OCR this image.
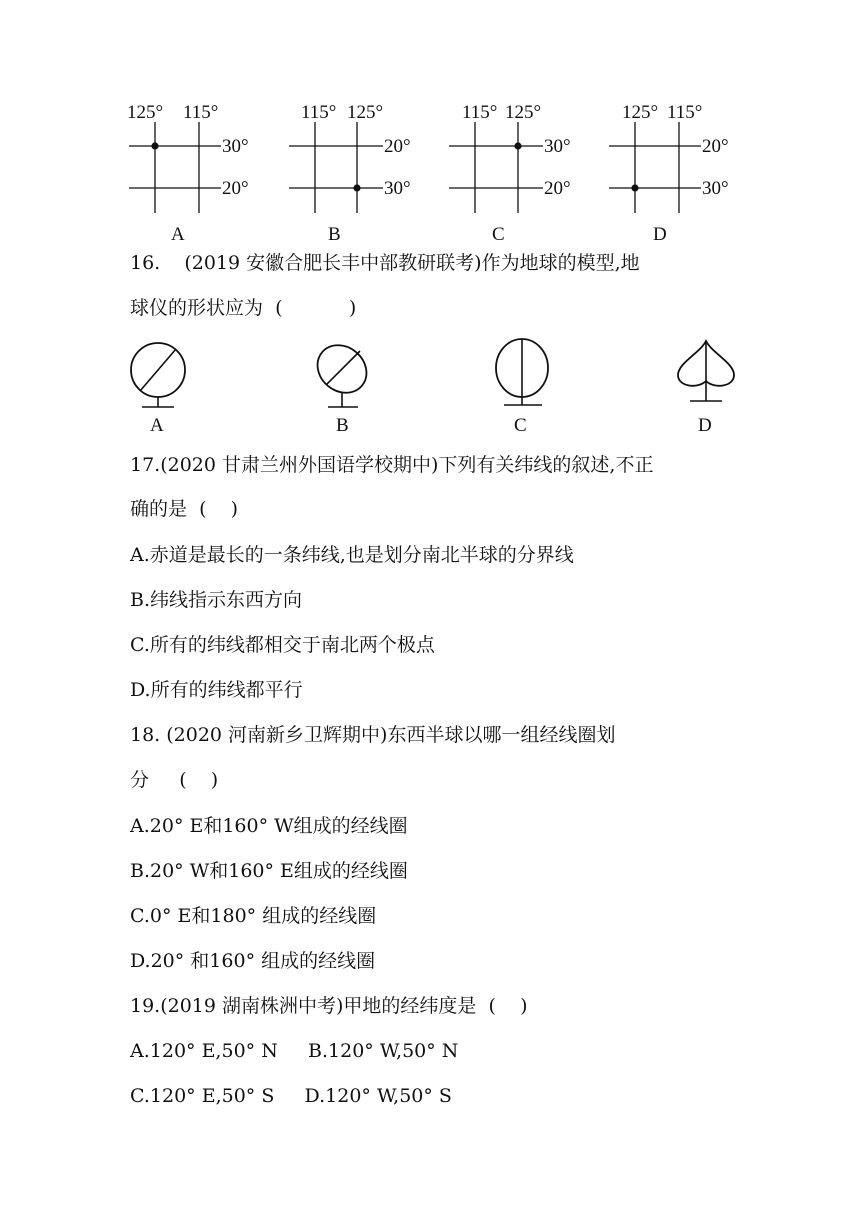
125° 115°
30°
20°
A
115° 125°
20°
30°
B
115° 125°
30°
20°
C
125° 115°
20°
30°
D
16.    (2019 安徽合肥长丰中部教研联考)作为地球的模型,地
球仪的形状应为  (           )
A	B	C	D
17.(2020 甘肃兰州外国语学校期中)下列有关纬线的叙述,不正
确的是  (    )
A.赤道是最长的一条纬线,也是划分南北半球的分界线
B.纬线指示东西方向
C.所有的纬线都相交于南北两个极点
D.所有的纬线都平行
18. (2020 河南新乡卫辉期中)东西半球以哪一组经线圈划
分     (    )
A.20° E和160° W组成的经线圈
B.20° W和160° E组成的经线圈
C.0° E和180° 组成的经线圈
D.20° 和160° 组成的经线圈
19.(2019 湖南株洲中考)甲地的经纬度是  (    )
A.120° E,50° N     B.120° W,50° N
C.120° E,50° S     D.120° W,50° S
